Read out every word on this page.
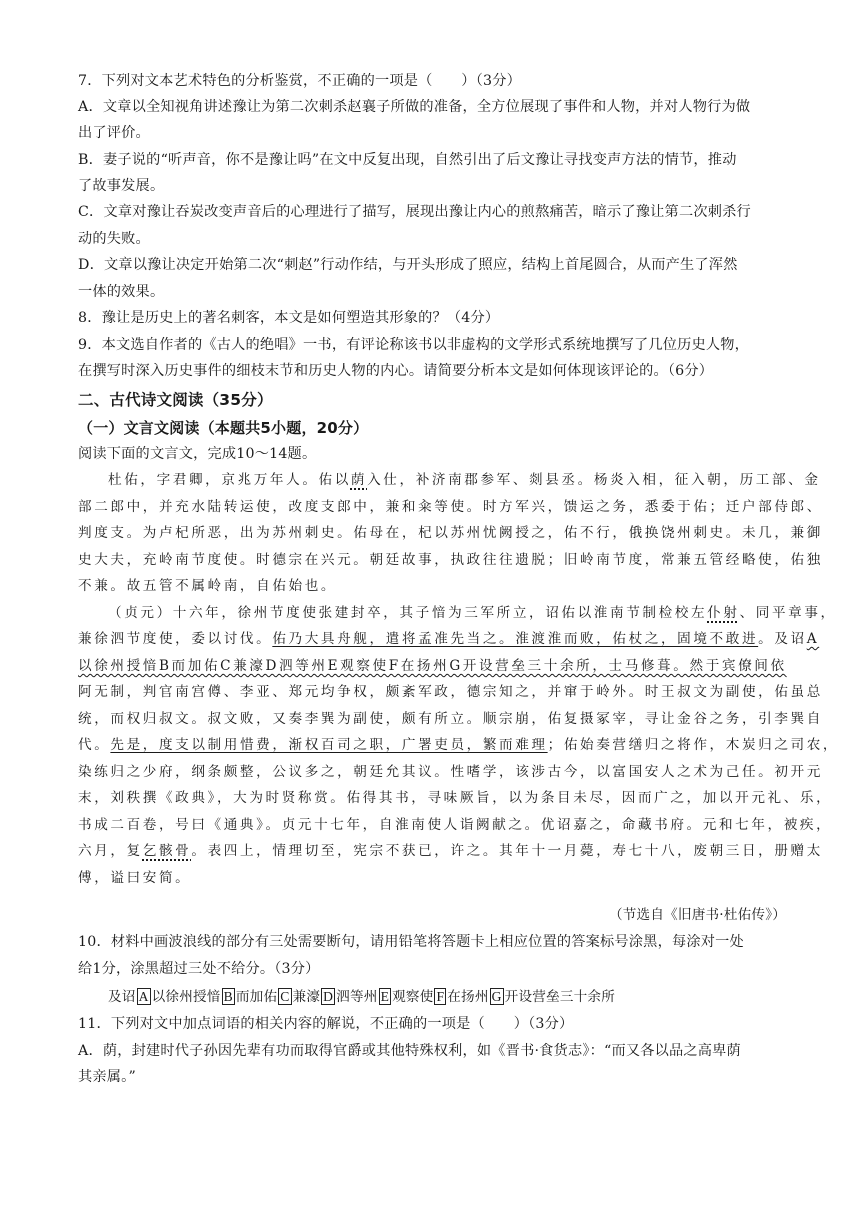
7．下列对文本艺术特色的分析鉴赏，不正确的一项是（　　）（3分）
A．文章以全知视角讲述豫让为第二次刺杀赵襄子所做的准备，全方位展现了事件和人物，并对人物行为做
出了评价。
B．妻子说的“听声音，你不是豫让吗”在文中反复出现，自然引出了后文豫让寻找变声方法的情节，推动
了故事发展。
C．文章对豫让吞炭改变声音后的心理进行了描写，展现出豫让内心的煎熬痛苦，暗示了豫让第二次刺杀行
动的失败。
D．文章以豫让决定开始第二次“刺赵”行动作结，与开头形成了照应，结构上首尾圆合，从而产生了浑然
一体的效果。
8．豫让是历史上的著名刺客，本文是如何塑造其形象的？（4分）
9．本文选自作者的《古人的绝唱》一书，有评论称该书以非虚构的文学形式系统地撰写了几位历史人物，
在撰写时深入历史事件的细枝末节和历史人物的内心。请简要分析本文是如何体现该评论的。（6分）
二、古代诗文阅读（35分）
（一）文言文阅读（本题共5小题，20分）
阅读下面的文言文，完成10～14题。
杜佑，字君卿，京兆万年人。佑以荫入仕，补济南郡参军、剡县丞。杨炎入相，征入朝，历工部、金
部二郎中，并充水陆转运使，改度支郎中，兼和籴等使。时方军兴，馈运之务，悉委于佑；迁户部侍郎、
判度支。为卢杞所恶，出为苏州刺史。佑母在，杞以苏州忧阙授之，佑不行，俄换饶州刺史。未几，兼御
史大夫，充岭南节度使。时德宗在兴元。朝廷故事，执政往往遗脱；旧岭南节度，常兼五管经略使，佑独
不兼。故五管不属岭南，自佑始也。
（贞元）十六年，徐州节度使张建封卒，其子愔为三军所立，诏佑以淮南节制检校左仆射、同平章事，
兼徐泗节度使，委以讨伐。佑乃大具舟舰，遣将孟准先当之。淮渡淮而败，佑杖之，固境不敢进。及诏A
以徐州授愔B而加佑C兼濠D泗等州E观察使F在扬州G开设营垒三十余所，士马修葺。然于宾僚间依
阿无制，判官南宫僔、李亚、郑元均争权，颇紊军政，德宗知之，并窜于岭外。时王叔文为副使，佑虽总
统，而权归叔文。叔文败，又奏李巽为副使，颇有所立。顺宗崩，佑复摄冢宰，寻让金谷之务，引李巽自
代。先是，度支以制用惜费，渐权百司之职，广署吏员，繁而难理；佑始奏营缮归之将作，木炭归之司农，
染练归之少府，纲条颇整，公议多之，朝廷允其议。性嗜学，该涉古今，以富国安人之术为己任。初开元
末，刘秩撰《政典》，大为时贤称赏。佑得其书，寻味厥旨，以为条目未尽，因而广之，加以开元礼、乐，
书成二百卷，号曰《通典》。贞元十七年，自淮南使人诣阙献之。优诏嘉之，命藏书府。元和七年，被疾，
六月，复乞骸骨。表四上，情理切至，宪宗不获已，许之。其年十一月薨，寿七十八，废朝三日，册赠太
傅，谥曰安简。
（节选自《旧唐书·杜佑传》）
10．材料中画波浪线的部分有三处需要断句，请用铅笔将答题卡上相应位置的答案标号涂黑，每涂对一处
给1分，涂黑超过三处不给分。（3分）
及诏 A 以徐州授愔 B 而加佑 C 兼濠 D 泗等州 E 观察使 F 在扬州 G 开设营垒三十余所
11．下列对文中加点词语的相关内容的解说，不正确的一项是（　　）（3分）
A．荫，封建时代子孙因先辈有功而取得官爵或其他特殊权利，如《晋书·食货志》：“而又各以品之高卑荫
其亲属。”
